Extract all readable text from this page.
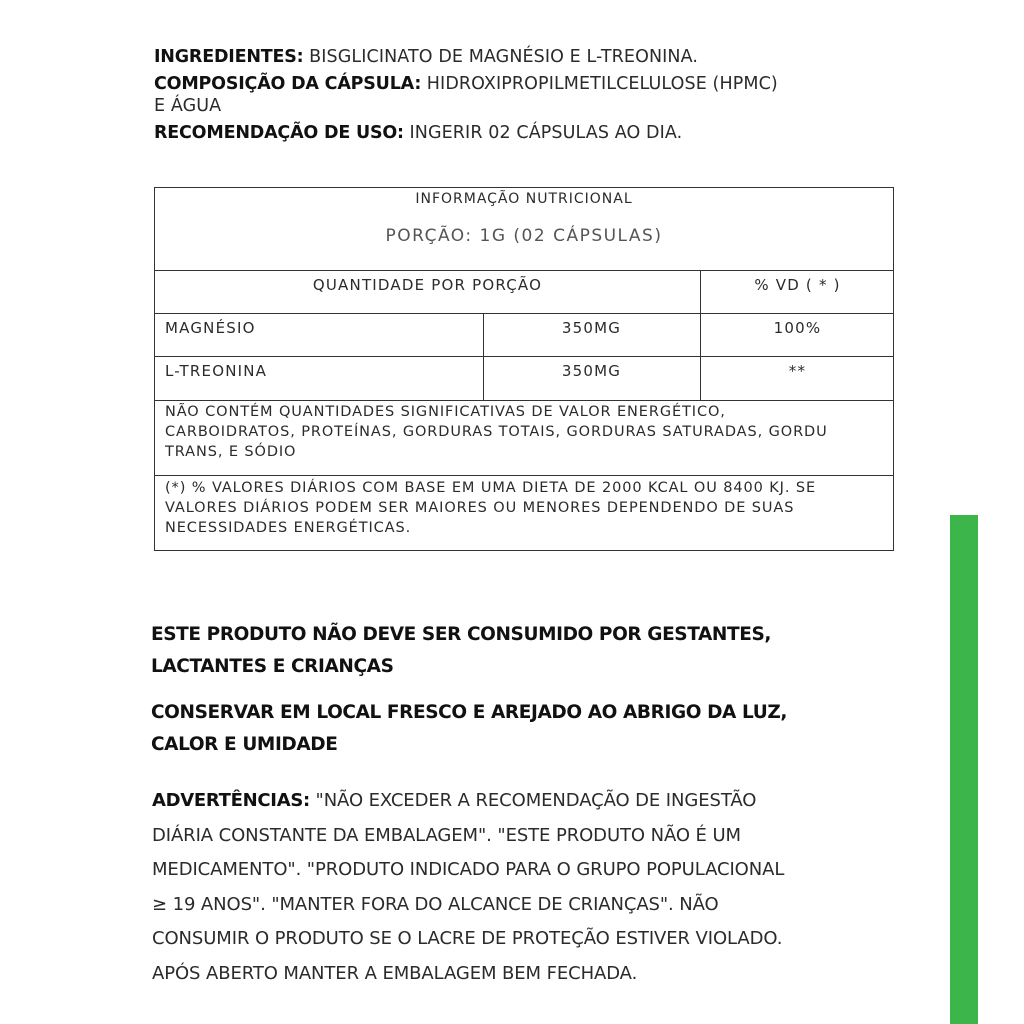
INGREDIENTES: BISGLICINATO DE MAGNÉSIO E L-TREONINA.

COMPOSIÇÃO DA CÁPSULA: HIDROXIPROPILMETILCELULOSE (HPMC)

E ÁGUA

RECOMENDAÇÃO DE USO: INGERIR 02 CÁPSULAS AO DIA.

INFORMAÇÃO NUTRICIONAL
PORÇÃO: 1G (02 CÁPSULAS)
QUANTIDADE POR PORÇÃO	% VD ( * )
MAGNÉSIO	350MG	100%
L-TREONINA	350MG	**
NÃO CONTÉM QUANTIDADES SIGNIFICATIVAS DE VALOR ENERGÉTICO,
CARBOIDRATOS, PROTEÍNAS, GORDURAS TOTAIS, GORDURAS SATURADAS, GORDU
TRANS, E SÓDIO
(*) % VALORES DIÁRIOS COM BASE EM UMA DIETA DE 2000 KCAL OU 8400 KJ. SE
VALORES DIÁRIOS PODEM SER MAIORES OU MENORES DEPENDENDO DE SUAS
NECESSIDADES ENERGÉTICAS.
ESTE PRODUTO NÃO DEVE SER CONSUMIDO POR GESTANTES,
LACTANTES E CRIANÇAS
CONSERVAR EM LOCAL FRESCO E AREJADO AO ABRIGO DA LUZ,
CALOR E UMIDADE
ADVERTÊNCIAS: "NÃO EXCEDER A RECOMENDAÇÃO DE INGESTÃO
DIÁRIA CONSTANTE DA EMBALAGEM". "ESTE PRODUTO NÃO É UM
MEDICAMENTO". "PRODUTO INDICADO PARA O GRUPO POPULACIONAL
≥ 19 ANOS". "MANTER FORA DO ALCANCE DE CRIANÇAS". NÃO
CONSUMIR O PRODUTO SE O LACRE DE PROTEÇÃO ESTIVER VIOLADO.
APÓS ABERTO MANTER A EMBALAGEM BEM FECHADA.
